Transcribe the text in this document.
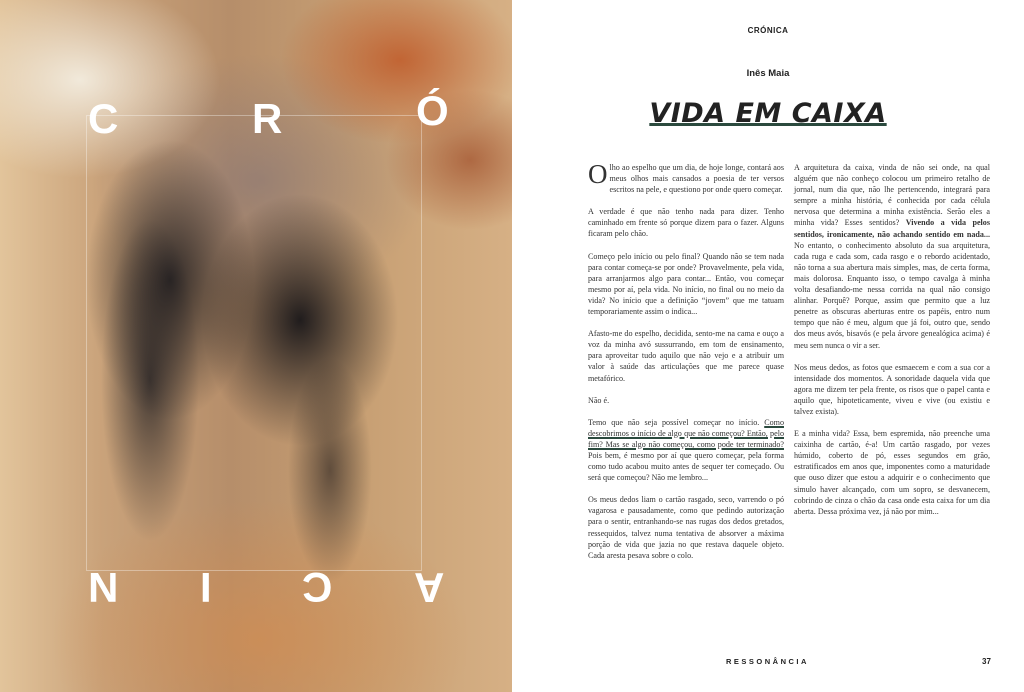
C	R	Ó
N I C A
CRÓNICA
Inês Maia
VIDA EM CAIXA

Olho ao espelho que um dia, de hoje longe, contará aos meus olhos mais cansados a poesia de ter versos escritos na pele, e questiono por onde quero começar.

A verdade é que não tenho nada para dizer. Tenho caminhado em frente só porque dizem para o fazer. Alguns ficaram pelo chão.

Começo pelo início ou pelo final? Quando não se tem nada para contar começa-se por onde? Provavelmente, pela vida, para arranjarmos algo para contar... Então, vou começar mesmo por aí, pela vida. No início, no final ou no meio da vida? No início que a definição “jovem” que me tatuam temporariamente assim o indica...

Afasto-me do espelho, decidida, sento-me na cama e ouço a voz da minha avó sussurrando, em tom de ensinamento, para aproveitar tudo aquilo que não vejo e a atribuir um valor à saúde das articulações que me parece quase metafórico.

Não é.

Temo que não seja possível começar no início. Como descobrimos o início de algo que não começou? Então, pelo fim? Mas se algo não começou, como pode ter terminado? Pois bem, é mesmo por aí que quero começar, pela forma como tudo acabou muito antes de sequer ter começado. Ou será que começou? Não me lembro...

Os meus dedos liam o cartão rasgado, seco, varrendo o pó vagarosa e pausadamente, como que pedindo autorização para o sentir, entranhando-se nas rugas dos dedos gretados, ressequidos, talvez numa tentativa de absorver a máxima porção de vida que jazia no que restava daquele objeto. Cada aresta pesava sobre o colo.

A arquitetura da caixa, vinda de não sei onde, na qual alguém que não conheço colocou um primeiro retalho de jornal, num dia que, não lhe pertencendo, integrará para sempre a minha história, é conhecida por cada célula nervosa que determina a minha existência. Serão eles a minha vida? Esses sentidos? Vivendo a vida pelos sentidos, ironicamente, não achando sentido em nada... No entanto, o conhecimento absoluto da sua arquitetura, cada ruga e cada som, cada rasgo e o rebordo acidentado, não torna a sua abertura mais simples, mas, de certa forma, mais dolorosa. Enquanto isso, o tempo cavalga à minha volta desafiando-me nessa corrida na qual não consigo alinhar. Porquê? Porque, assim que permito que a luz penetre as obscuras aberturas entre os papéis, entro num tempo que não é meu, algum que já foi, outro que, sendo dos meus avós, bisavós (e pela árvore genealógica acima) é meu sem nunca o vir a ser.

Nos meus dedos, as fotos que esmaecem e com a sua cor a intensidade dos momentos. A sonoridade daquela vida que agora me dizem ter pela frente, os risos que o papel canta e aquilo que, hipoteticamente, viveu e vive (ou existiu e talvez exista).

E a minha vida? Essa, bem espremida, não preenche uma caixinha de cartão, é-a! Um cartão rasgado, por vezes húmido, coberto de pó, esses segundos em grão, estratificados em anos que, imponentes como a maturidade que ouso dizer que estou a adquirir e o conhecimento que simulo haver alcançado, com um sopro, se desvanecem, cobrindo de cinza o chão da casa onde esta caixa for um dia aberta. Dessa próxima vez, já não por mim...

RESSONÂNCIA	37
